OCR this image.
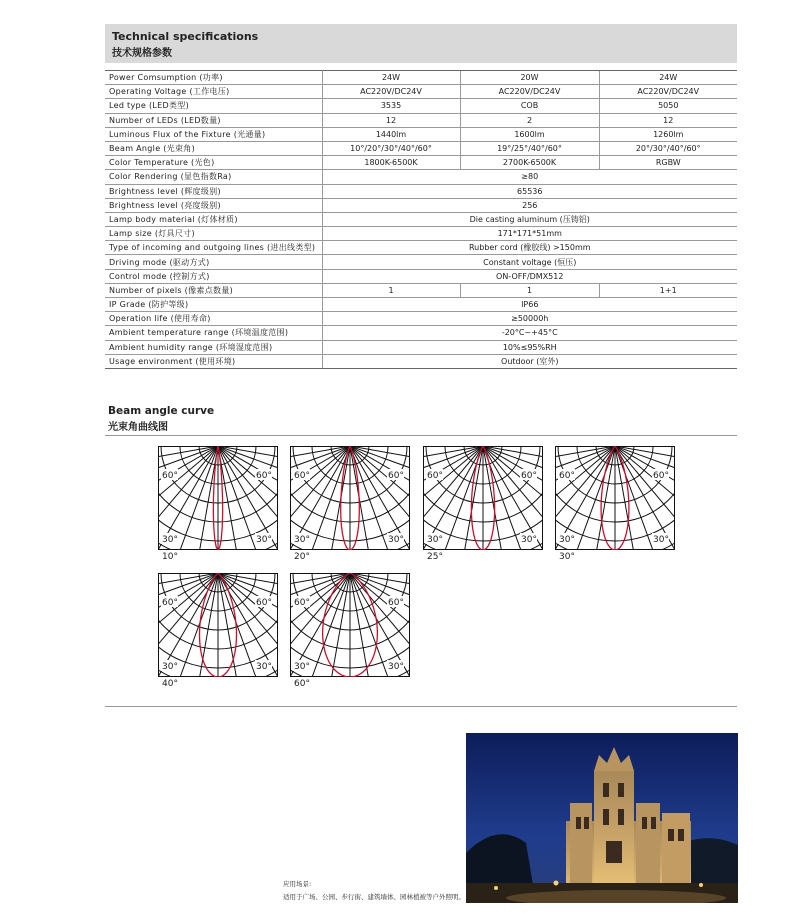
Technical specifications
技术规格参数
Power Comsumption (功率)	24W	20W	24W
Operating Voltage (工作电压)	AC220V/DC24V	AC220V/DC24V	AC220V/DC24V
Led type (LED类型)	3535	COB	5050
Number of LEDs (LED数量)	12	2	12
Luminous Flux of the Fixture (光通量)	1440lm	1600lm	1260lm
Beam Angle (光束角)	10°/20°/30°/40°/60°	19°/25°/40°/60°	20°/30°/40°/60°
Color Temperature (光色)	1800K-6500K	2700K-6500K	RGBW
Color Rendering (显色指数Ra)	≥80		
Brightness level (辉度级别)	65536		
Brightness level (亮度级别)	256		
Lamp body material (灯体材质)	Die casting aluminum (压铸铝)		
Lamp size (灯具尺寸)	171*171*51mm		
Type of incoming and outgoing lines (进出线类型)	Rubber cord (橡胶线) >150mm		
Driving mode (驱动方式)	Constant voltage (恒压)		
Control mode (控制方式)	ON-OFF/DMX512		
Number of pixels (像素点数量)	1	1	1+1
IP Grade (防护等级)	IP66		
Operation life (使用寿命)	≥50000h		
Ambient temperature range (环境温度范围)	-20°C~+45°C		
Ambient humidity range (环境湿度范围)	10%≤95%RH		
Usage environment (使用环境)	Outdoor (室外)		
Beam angle curve
光束角曲线图
60°	60°
30°	30°
10°
60°	60°
30°	30°
20°
60°	60°
30°	30°
25°
60°	60°
30°	30°
30°
60°	60°
30°	30°
40°
60°	60°
30°	30°
60°
应用场景:
适用于广场、公园、步行街、建筑墙体、园林植被等户外照明。
